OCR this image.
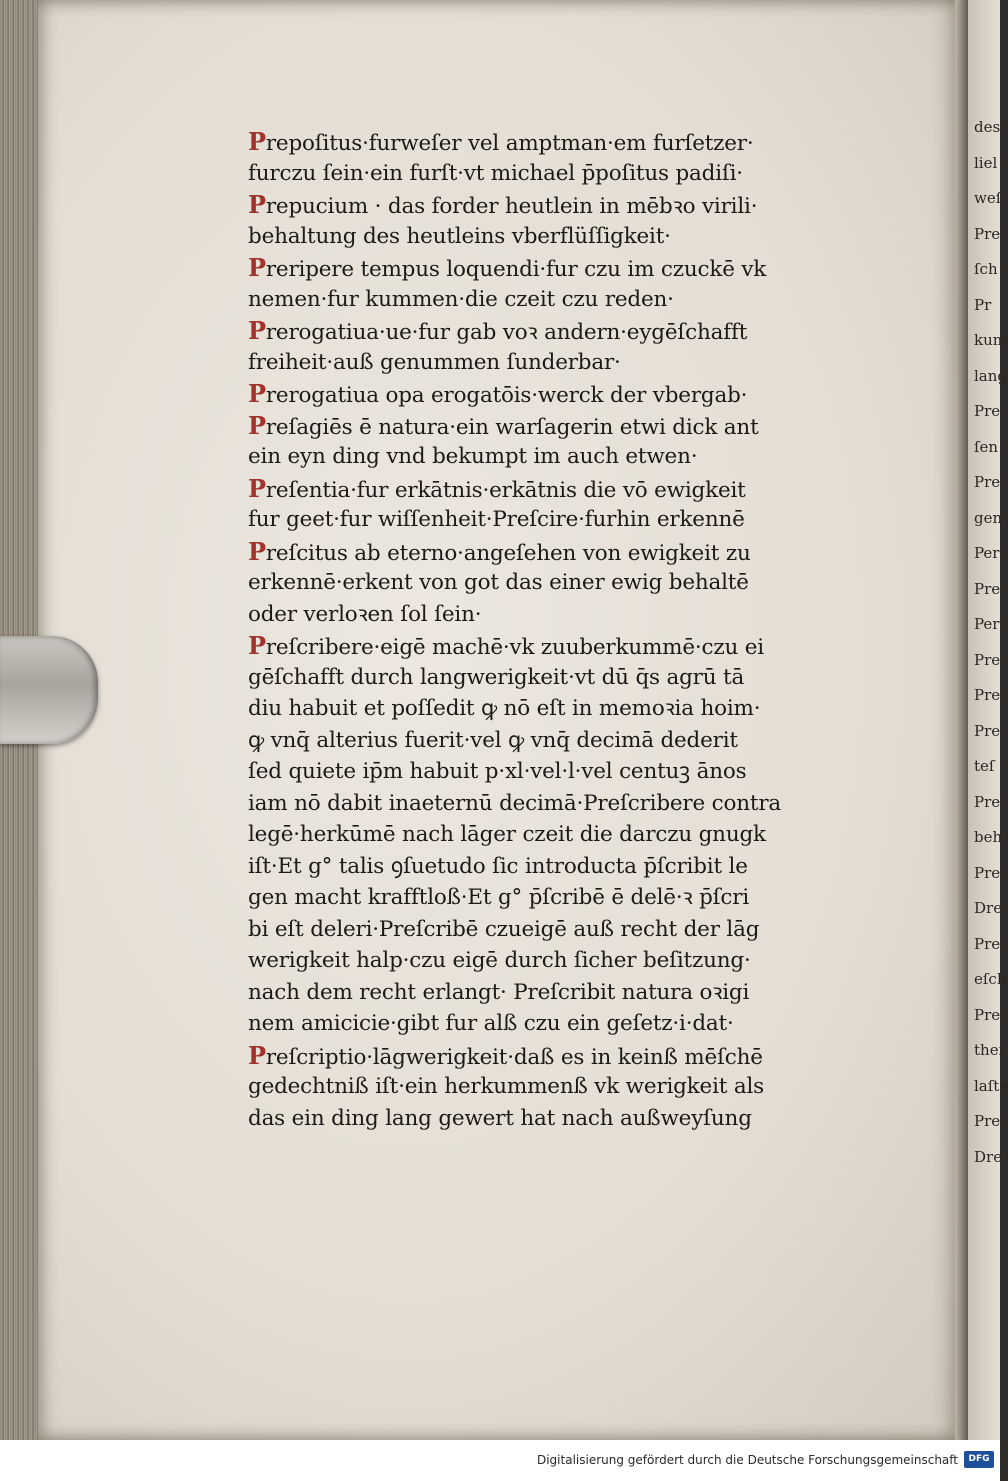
Prepoſitus·furweſer vel amptman·em furſetzer·
furczu ſein·ein furſt·vt michael p̄poſitus padiſi·
Prepucium · das forder heutlein in mēbꝛo virili·
behaltung des heutleins vberflüſſigkeit·
Preripere tempus loquendi·fur czu im czuckē vk
nemen·fur kummen·die czeit czu reden·
Prerogatiua·ue·fur gab voꝛ andern·eygēſchafft
freiheit·auß genummen ſunderbar·
Prerogatiua opa erogatōis·werck der vbergab·
Preſagiēs ē natura·ein warſagerin etwi dick ant
ein eyn ding vnd bekumpt im auch etwen·
Preſentia·fur erkātnis·erkātnis die vō ewigkeit
fur geet·fur wiſſenheit·Preſcire·furhin erkennē
Preſcitus ab eterno·angeſehen von ewigkeit zu
erkennē·erkent von got das einer ewig behaltē
oder verloꝛen ſol ſein·
Preſcribere·eigē machē·vk zuuberkummē·czu ei
gēſchafft durch langwerigkeit·vt dū q̄s agrū tā
diu habuit et poſſedit ꝙ nō eſt in memoꝛia hoim·
ꝙ vnq̄ alterius fuerit·vel ꝙ vnq̄ decimā dederit
ſed quiete ip̄m habuit p·xl·vel·l·vel centuꝫ ānos
iam nō dabit inaeternū decimā·Preſcribere contra
legē·herkūmē nach lāger czeit die darczu gnugk
iſt·Et g° talis ꝯſuetudo ſic introducta p̄ſcribit le
gen macht krafftloß·Et g° p̄ſcribē ē delē·ꝛ p̄ſcri
bi eſt deleri·Preſcribē czueigē auß recht der lāg
werigkeit halp·czu eigē durch ſicher beſitzung·
nach dem recht erlangt· Preſcribit natura oꝛigi
nem amicicie·gibt fur alß czu ein geſetz·i·dat·
Preſcriptio·lāgwerigkeit·daß es in keinß mēſchē
gedechtniß iſt·ein herkummenß vk werigkeit als
das ein ding lang gewert hat nach außweyſung
des
liel
weſ
Pre
ſch
Pr
kum
lang
Pre
ſen
Pre
gen
Per
Pre
Perſ
Pre
Pre
Pre
teſ
Pre
beh
Pre
Dre
Pre
eſch
Pre
thei
laſte
Pre
Dre
Digitalisierung gefördert durch die Deutsche Forschungsgemeinschaft	DFG
